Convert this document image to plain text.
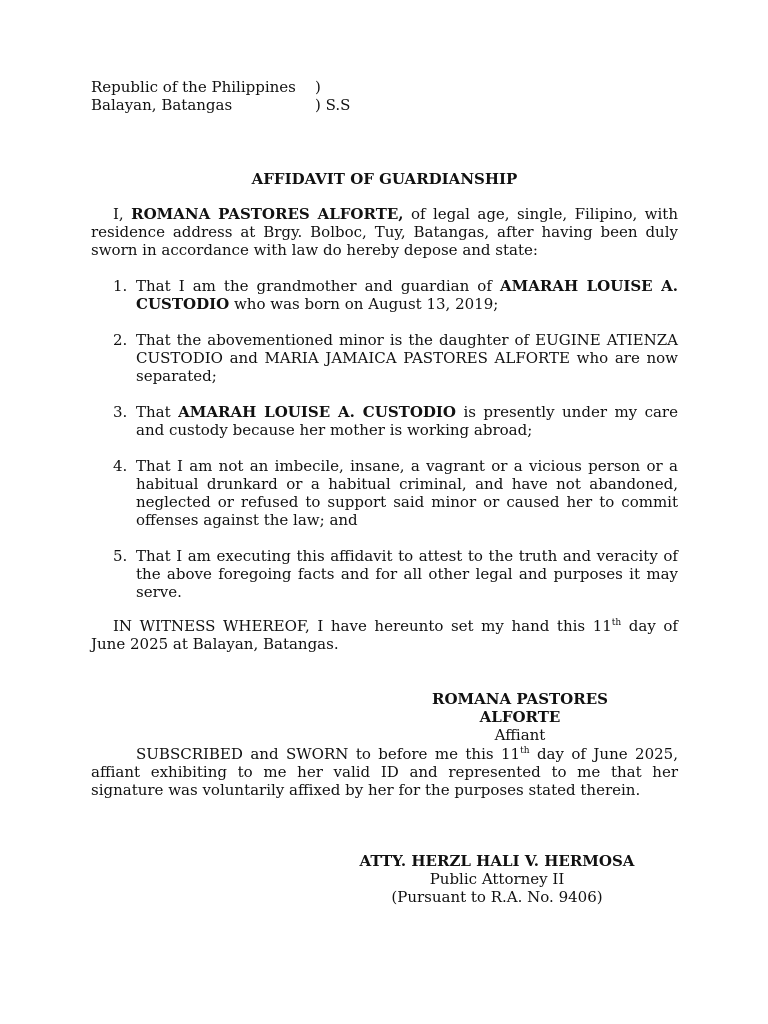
Republic of the Philippines )
Balayan, Batangas	) S.S
AFFIDAVIT OF GUARDIANSHIP
I, ROMANA PASTORES ALFORTE, of legal age, single, Filipino, with residence address at Brgy. Bolboc, Tuy, Batangas, after having been duly sworn in accordance with law do hereby depose and state:
1. That I am the grandmother and guardian of AMARAH LOUISE A. CUSTODIO who was born on August 13, 2019;
2. That the abovementioned minor is the daughter of EUGINE ATIENZA CUSTODIO and MARIA JAMAICA PASTORES ALFORTE who are now separated;
3. That AMARAH LOUISE A. CUSTODIO is presently under my care and custody because her mother is working abroad;
4. That I am not an imbecile, insane, a vagrant or a vicious person or a habitual drunkard or a habitual criminal, and have not abandoned, neglected or refused to support said minor or caused her to commit offenses against the law; and
5. That I am executing this affidavit to attest to the truth and veracity of the above foregoing facts and for all other legal and purposes it may serve.
IN WITNESS WHEREOF, I have hereunto set my hand this 11th day of June 2025 at Balayan, Batangas.
ROMANA PASTORES ALFORTE
Affiant
SUBSCRIBED and SWORN to before me this 11th day of June 2025, affiant exhibiting to me her valid ID and represented to me that her signature was voluntarily affixed by her for the purposes stated therein.
ATTY. HERZL HALI V. HERMOSA
Public Attorney II
(Pursuant to R.A. No. 9406)
